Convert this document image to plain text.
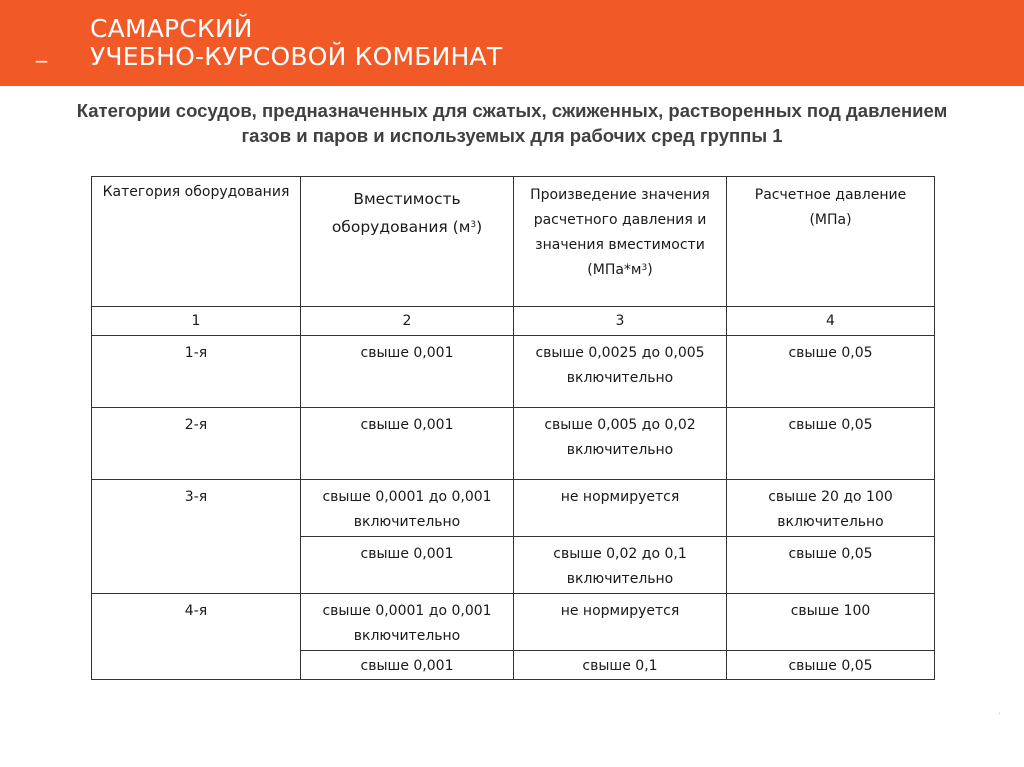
_
САМАРСКИЙ
УЧЕБНО-КУРСОВОЙ КОМБИНАТ
Категории сосудов, предназначенных для сжатых, сжиженных, растворенных под давлением
газов и паров и используемых для рабочих сред группы 1
Категория оборудования	Вместимость оборудования $(м^3)$	Произведение значения расчетного давления и значения вместимости $(МПа*м^3)$	Расчетное давление (МПа)
1	2	3	4
1-я	свыше 0,001	свыше 0,0025 до 0,005 включительно	свыше 0,05
2-я	свыше 0,001	свыше 0,005 до 0,02 включительно	свыше 0,05
3-я	свыше 0,0001 до 0,001 включительно	не нормируется	свыше 20 до 100 включительно
	свыше 0,001	свыше 0,02 до 0,1 включительно	свыше 0,05
4-я	свыше 0,0001 до 0,001 включительно	не нормируется	свыше 100
	свыше 0,001	свыше 0,1	свыше 0,05
.
